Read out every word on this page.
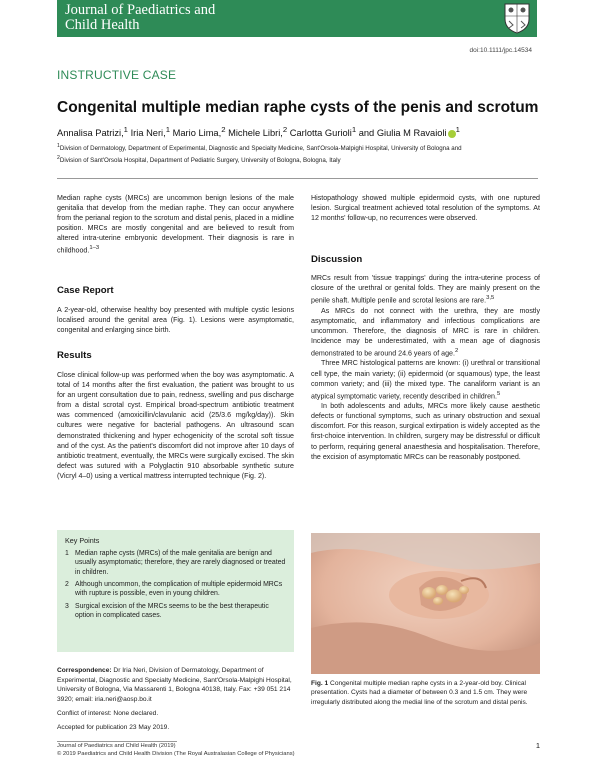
Journal of Paediatrics and
Child Health
doi:10.1111/jpc.14534
INSTRUCTIVE CASE
Congenital multiple median raphe cysts of the penis and scrotum
Annalisa Patrizi,$^1$ Iria Neri,$^1$ Mario Lima,$^2$ Michele Libri,$^2$ Carlotta Gurioli$^1$ and Giulia M Ravaioli $^1$
$^1$Division of Dermatology, Department of Experimental, Diagnostic and Specialty Medicine, Sant'Orsola-Malpighi Hospital, University of Bologna and
$^2$Division of Sant'Orsola Hospital, Department of Pediatric Surgery, University of Bologna, Bologna, Italy
Median raphe cysts (MRCs) are uncommon benign lesions of the male genitalia that develop from the median raphe. They can occur anywhere from the perianal region to the scrotum and distal penis, placed in a midline position. MRCs are mostly congenital and are believed to result from altered intra-uterine embryonic development. Their diagnosis is rare in childhood.$^{1-3}$
Case Report
A 2-year-old, otherwise healthy boy presented with multiple cystic lesions localised around the genital area (Fig. 1). Lesions were asymptomatic, congenital and enlarging since birth.
Results
Close clinical follow-up was performed when the boy was asymptomatic. A total of 14 months after the first evaluation, the patient was brought to us for an urgent consultation due to pain, redness, swelling and pus discharge from a distal scrotal cyst. Empirical broad-spectrum antibiotic treatment was commenced (amoxicillin/clavulanic acid (25/3.6 mg/kg/day)). Skin cultures were negative for bacterial pathogens. An ultrasound scan demonstrated thickening and hyper echogenicity of the scrotal soft tissue and of the cyst. As the patient's discomfort did not improve after 10 days of antibiotic treatment, eventually, the MRCs were surgically excised. The skin defect was sutured with a Polyglactin 910 absorbable synthetic suture (Vicryl 4–0) using a vertical mattress interrupted technique (Fig. 2).
Key Points
1 Median raphe cysts (MRCs) of the male genitalia are benign and usually asymptomatic; therefore, they are rarely diagnosed or treated in children.
2 Although uncommon, the complication of multiple epidermoid MRCs with rupture is possible, even in young children.
3 Surgical excision of the MRCs seems to be the best therapeutic option in complicated cases.
Correspondence: Dr Iria Neri, Division of Dermatology, Department of Experimental, Diagnostic and Specialty Medicine, Sant'Orsola-Malpighi Hospital, University of Bologna, Via Massarenti 1, Bologna 40138, Italy. Fax: +39 051 214 3920; email: iria.neri@aosp.bo.it
Conflict of interest: None declared.
Accepted for publication 23 May 2019.
Histopathology showed multiple epidermoid cysts, with one ruptured lesion. Surgical treatment achieved total resolution of the symptoms. At 12 months' follow-up, no recurrences were observed.
Discussion

MRCs result from 'tissue trappings' during the intra-uterine process of closure of the urethral or genital folds. They are mainly present on the penile shaft. Multiple penile and scrotal lesions are rare.$^{3,5}$

As MRCs do not connect with the urethra, they are mostly asymptomatic, and inflammatory and infectious complications are uncommon. Therefore, the diagnosis of MRC is rare in children. Incidence may be underestimated, with a mean age of diagnosis demonstrated to be around 24.6 years of age.$^2$

Three MRC histological patterns are known: (i) urethral or transitional cell type, the main variety; (ii) epidermoid (or squamous) type, the least common variety; and (iii) the mixed type. The canaliform variant is an atypical symptomatic variety, recently described in children.$^5$

In both adolescents and adults, MRCs more likely cause aesthetic defects or functional symptoms, such as urinary obstruction and sexual discomfort. For this reason, surgical extirpation is widely accepted as the first-choice intervention. In children, surgery may be distressful or difficult to perform, requiring general anaesthesia and hospitalisation. Therefore, the excision of asymptomatic MRCs can be reasonably postponed.

Fig. 1 Congenital multiple median raphe cysts in a 2-year-old boy. Clinical presentation. Cysts had a diameter of between 0.3 and 1.5 cm. They were irregularly distributed along the medial line of the scrotum and distal penis.
Journal of Paediatrics and Child Health (2019)
© 2019 Paediatrics and Child Health Division (The Royal Australasian College of Physicians)
1
